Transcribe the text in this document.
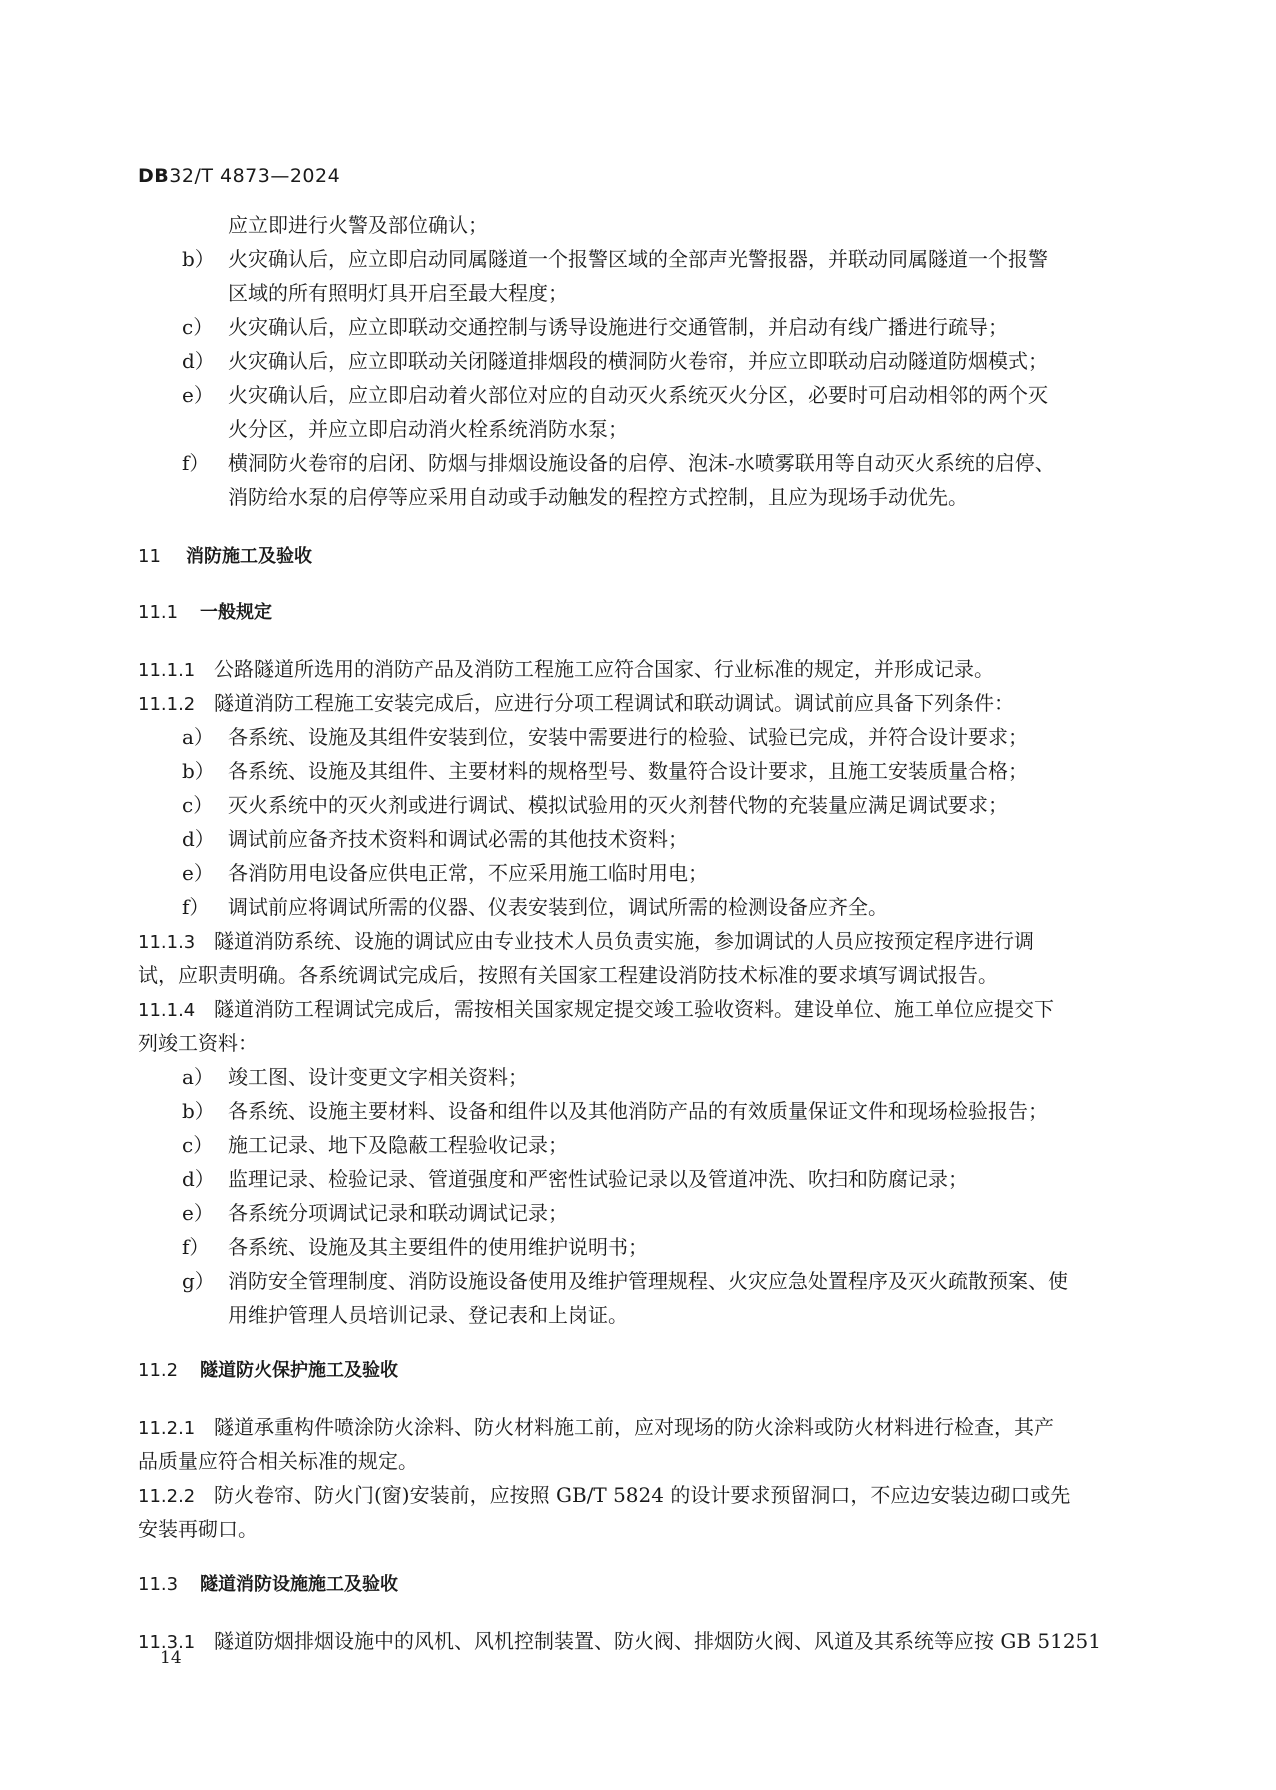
DB32/T 4873—2024
应立即进行火警及部位确认；
b） 火灾确认后，应立即启动同属隧道一个报警区域的全部声光警报器，并联动同属隧道一个报警
区域的所有照明灯具开启至最大程度；
c） 火灾确认后，应立即联动交通控制与诱导设施进行交通管制，并启动有线广播进行疏导；
d） 火灾确认后，应立即联动关闭隧道排烟段的横洞防火卷帘，并应立即联动启动隧道防烟模式；
e） 火灾确认后，应立即启动着火部位对应的自动灭火系统灭火分区，必要时可启动相邻的两个灭
火分区，并应立即启动消火栓系统消防水泵；
f） 横洞防火卷帘的启闭、防烟与排烟设施设备的启停、泡沫-水喷雾联用等自动灭火系统的启停、
消防给水泵的启停等应采用自动或手动触发的程控方式控制，且应为现场手动优先。
11 消防施工及验收
11.1 一般规定
11.1.1 公路隧道所选用的消防产品及消防工程施工应符合国家、行业标准的规定，并形成记录。
11.1.2 隧道消防工程施工安装完成后，应进行分项工程调试和联动调试。调试前应具备下列条件：
a） 各系统、设施及其组件安装到位，安装中需要进行的检验、试验已完成，并符合设计要求；
b） 各系统、设施及其组件、主要材料的规格型号、数量符合设计要求，且施工安装质量合格；
c） 灭火系统中的灭火剂或进行调试、模拟试验用的灭火剂替代物的充装量应满足调试要求；
d） 调试前应备齐技术资料和调试必需的其他技术资料；
e） 各消防用电设备应供电正常，不应采用施工临时用电；
f） 调试前应将调试所需的仪器、仪表安装到位，调试所需的检测设备应齐全。
11.1.3 隧道消防系统、设施的调试应由专业技术人员负责实施，参加调试的人员应按预定程序进行调
试，应职责明确。各系统调试完成后，按照有关国家工程建设消防技术标准的要求填写调试报告。
11.1.4 隧道消防工程调试完成后，需按相关国家规定提交竣工验收资料。建设单位、施工单位应提交下
列竣工资料：
a） 竣工图、设计变更文字相关资料；
b） 各系统、设施主要材料、设备和组件以及其他消防产品的有效质量保证文件和现场检验报告；
c） 施工记录、地下及隐蔽工程验收记录；
d） 监理记录、检验记录、管道强度和严密性试验记录以及管道冲洗、吹扫和防腐记录；
e） 各系统分项调试记录和联动调试记录；
f） 各系统、设施及其主要组件的使用维护说明书；
g） 消防安全管理制度、消防设施设备使用及维护管理规程、火灾应急处置程序及灭火疏散预案、使
用维护管理人员培训记录、登记表和上岗证。
11.2 隧道防火保护施工及验收
11.2.1 隧道承重构件喷涂防火涂料、防火材料施工前，应对现场的防火涂料或防火材料进行检查，其产
品质量应符合相关标准的规定。
11.2.2 防火卷帘、防火门(窗)安装前，应按照 GB/T 5824 的设计要求预留洞口，不应边安装边砌口或先
安装再砌口。
11.3 隧道消防设施施工及验收
11.3.1 隧道防烟排烟设施中的风机、风机控制装置、防火阀、排烟防火阀、风道及其系统等应按 GB 51251
14
